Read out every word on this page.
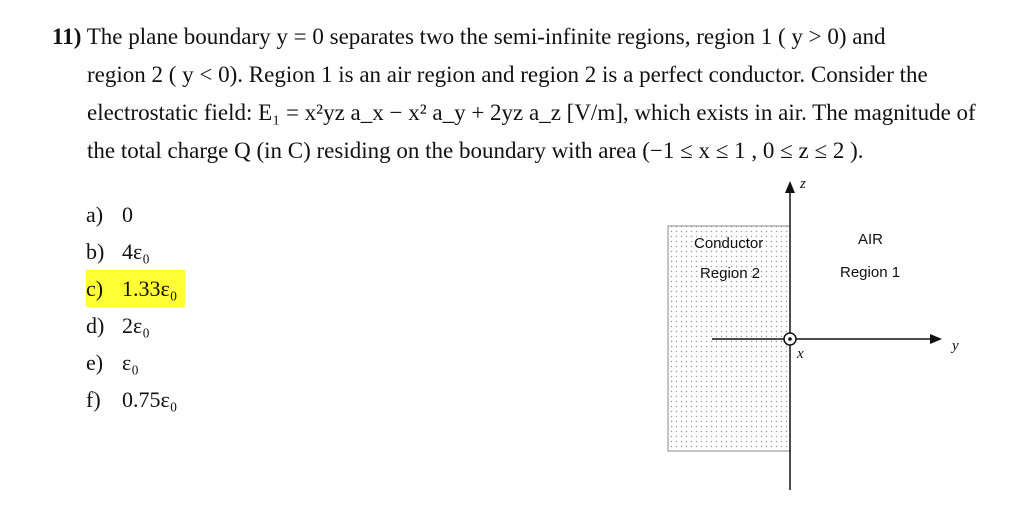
11) The plane boundary y = 0 separates two the semi-infinite regions, region 1 ( y > 0) and
region 2 ( y < 0). Region 1 is an air region and region 2 is a perfect conductor. Consider the
electrostatic field: E₁ = x²yz a_x − x² a_y + 2yz a_z [V/m], which exists in air. The magnitude of
the total charge Q (in C) residing on the boundary with area (−1 ≤ x ≤ 1 , 0 ≤ z ≤ 2 ).
a) 0
b) 4ε₀
c) 1.33ε₀
d) 2ε₀
e) ε₀
f) 0.75ε₀
z
y
x
Conductor
Region 2
AIR
Region 1
